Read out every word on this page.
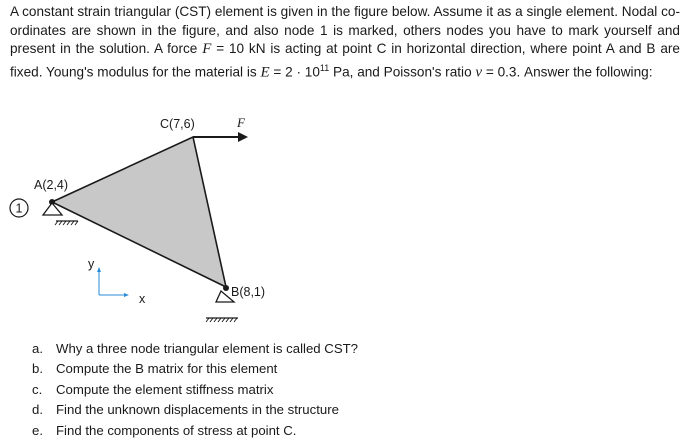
A constant strain triangular (CST) element is given in the figure below. Assume it as a single element. Nodal co-ordinates are shown in the figure, and also node 1 is marked, others nodes you have to mark yourself and present in the solution. A force F = 10 kN is acting at point C in horizontal direction, where point A and B are fixed. Young's modulus for the material is $E = 2 \cdot 10^{11}$ Pa, and Poisson's ratio ν = 0.3. Answer the following:
1
A(2,4)
C(7,6)	F
B(8,1)
y
x
a. Why a three node triangular element is called CST?
b. Compute the B matrix for this element
c.	Compute the element stiffness matrix
d. Find the unknown displacements in the structure
e. Find the components of stress at point C.
